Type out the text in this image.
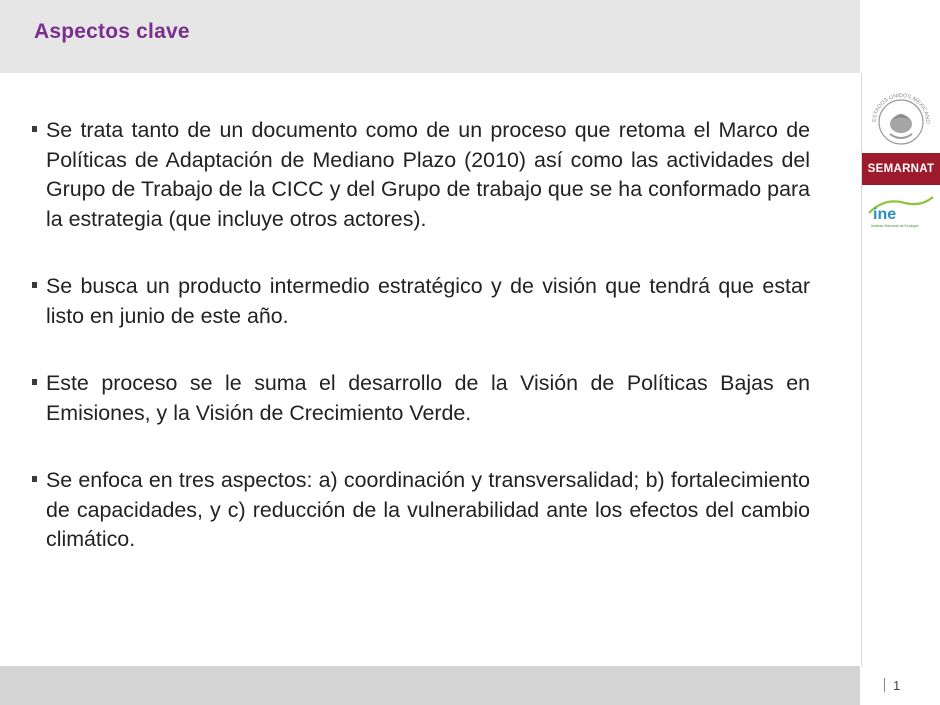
Aspectos clave
Se trata tanto de un documento como de un proceso que retoma el Marco de Políticas de Adaptación de Mediano Plazo (2010) así como las actividades del Grupo de Trabajo de la CICC y del Grupo de trabajo que se ha conformado para la estrategia (que incluye otros actores).
Se busca un producto intermedio estratégico y de visión que tendrá que estar listo en junio de este año.
Este proceso se le suma el desarrollo de la Visión de Políticas Bajas en Emisiones, y la Visión de Crecimiento Verde.
Se enfoca en tres aspectos: a) coordinación y transversalidad; b) fortalecimiento de capacidades, y c) reducción de la vulnerabilidad ante los efectos del cambio climático.
ESTADOS UNIDOS MEXICANO
SEMARNAT
ine
Instituto Nacional de Ecología
1
